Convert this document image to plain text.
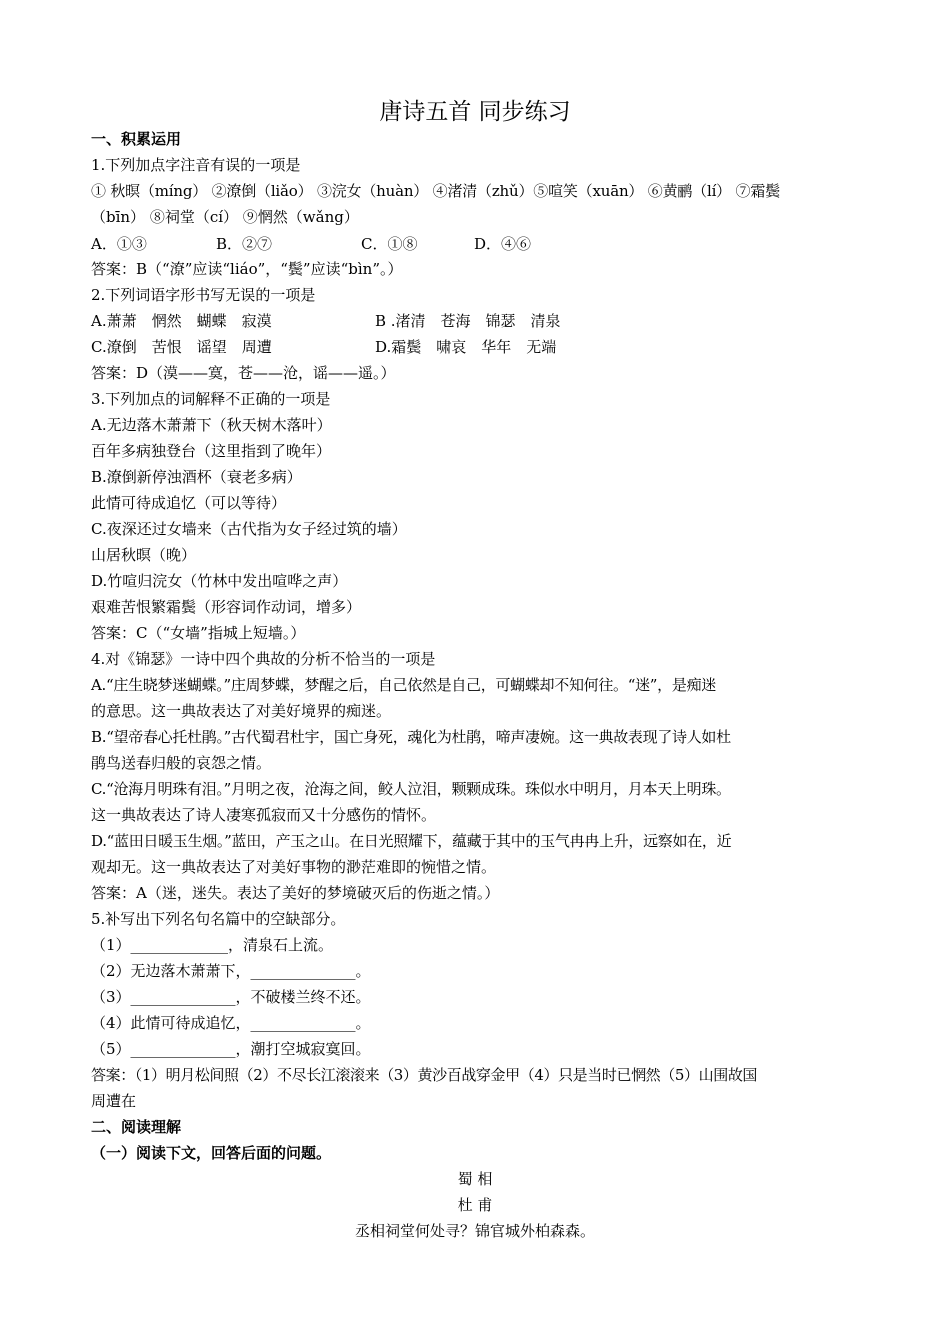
唐诗五首 同步练习
一、积累运用
1.下列加点字注音有误的一项是
① 秋暝（míng） ②潦倒（liǎo） ③浣女（huàn） ④渚清（zhǔ）⑤喧笑（xuān） ⑥黄鹂（lí） ⑦霜鬓
（bīn） ⑧祠堂（cí） ⑨惘然（wǎng）
A．①③	B．②⑦	C．①⑧	D．④⑥
答案：B（“潦”应读“liáo”，“鬓”应读“bìn”。）
2.下列词语字形书写无误的一项是
A.萧萧　惘然　蝴蝶　寂漠	B .渚清　苍海　锦瑟　清泉
C.潦倒　苦恨　谣望　周遭	D.霜鬓　啸哀　华年　无端
答案：D（漠——寞，苍——沧，谣——遥。）
3.下列加点的词解释不正确的一项是
A.无边落木萧萧下（秋天树木落叶）
百年多病独登台（这里指到了晚年）
B.潦倒新停浊酒杯（衰老多病）
此情可待成追忆（可以等待）
C.夜深还过女墙来（古代指为女子经过筑的墙）
山居秋暝（晚）
D.竹喧归浣女（竹林中发出喧哗之声）
艰难苦恨繁霜鬓（形容词作动词，增多）
答案：C（“女墙”指城上短墙。）
4.对《锦瑟》一诗中四个典故的分析不恰当的一项是
A.“庄生晓梦迷蝴蝶。”庄周梦蝶，梦醒之后，自己依然是自己，可蝴蝶却不知何往。“迷”，是痴迷
的意思。这一典故表达了对美好境界的痴迷。
B.“望帝春心托杜鹃。”古代蜀君杜宇，国亡身死，魂化为杜鹃，啼声凄婉。这一典故表现了诗人如杜
鹃鸟送春归般的哀怨之情。
C.“沧海月明珠有泪。”月明之夜，沧海之间，鲛人泣泪，颗颗成珠。珠似水中明月，月本天上明珠。
这一典故表达了诗人凄寒孤寂而又十分感伤的情怀。
D.“蓝田日暖玉生烟。”蓝田，产玉之山。在日光照耀下，蕴藏于其中的玉气冉冉上升，远察如在，近
观却无。这一典故表达了对美好事物的渺茫难即的惋惜之情。
答案：A（迷，迷失。表达了美好的梦境破灭后的伤逝之情。）
5.补写出下列名句名篇中的空缺部分。
（1）_____________，清泉石上流。
（2）无边落木萧萧下，______________。
（3）______________，不破楼兰终不还。
（4）此情可待成追忆，______________。
（5）______________，潮打空城寂寞回。
答案：（1）明月松间照（2）不尽长江滚滚来（3）黄沙百战穿金甲（4）只是当时已惘然（5）山围故国
周遭在
二、阅读理解
（一）阅读下文，回答后面的问题。
蜀 相
杜 甫
丞相祠堂何处寻？锦官城外柏森森。
